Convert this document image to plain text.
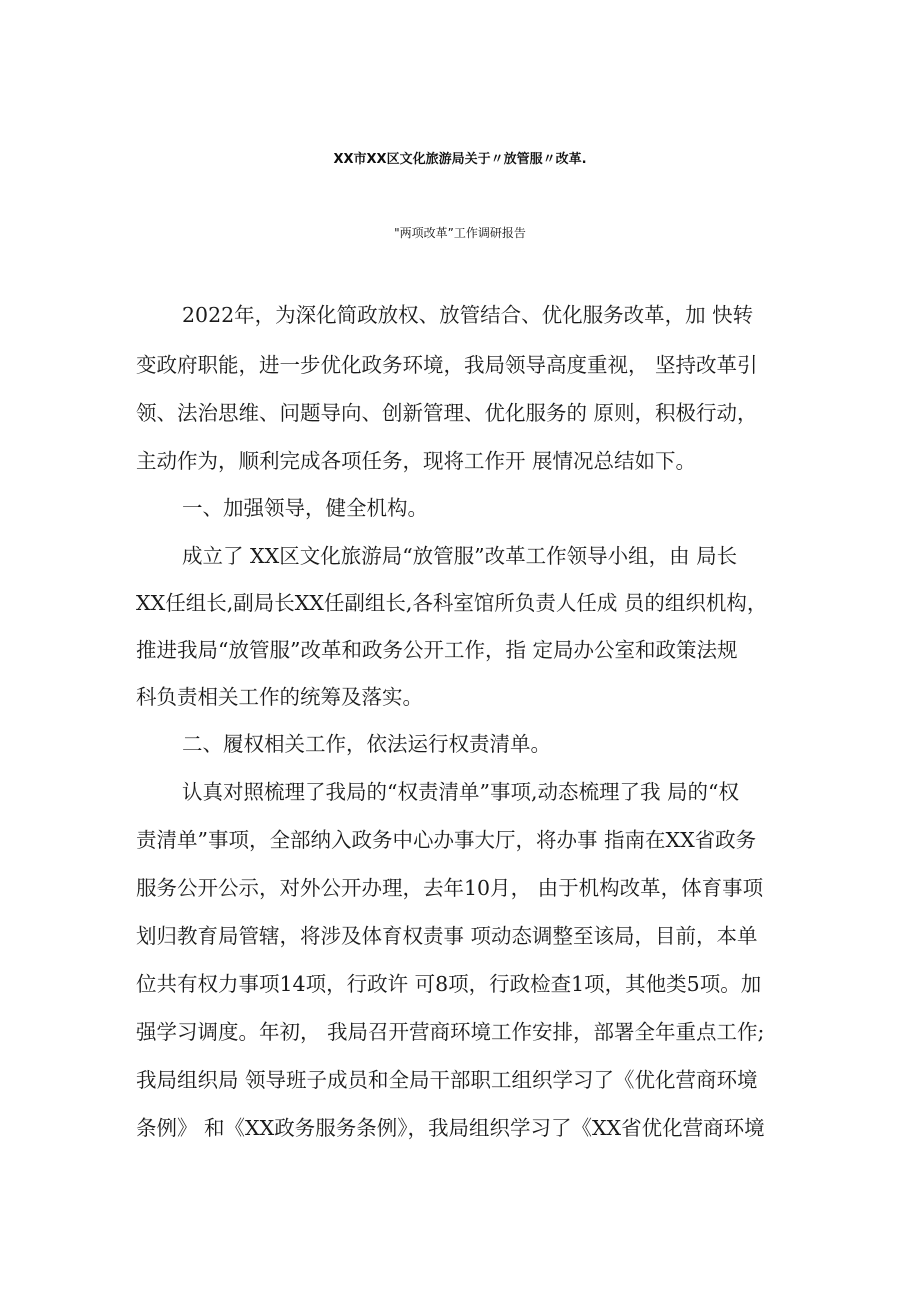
XX市XX区文化旅游局关于〃放管服〃改革.
"两项改革”工作调研报告
2022年，为深化简政放权、放管结合、优化服务改革，加 快转
变政府职能，进一步优化政务环境，我局领导高度重视， 坚持改革引
领、法治思维、问题导向、创新管理、优化服务的 原则，积极行动，
主动作为，顺利完成各项任务，现将工作开 展情况总结如下。
一、加强领导，健全机构。
成立了 XX区文化旅游局“放管服”改革工作领导小组，由 局长
XX任组长,副局长XX任副组长,各科室馆所负责人任成 员的组织机构，
推进我局“放管服”改革和政务公开工作，指 定局办公室和政策法规
科负责相关工作的统筹及落实。
二、履权相关工作，依法运行权责清单。
认真对照梳理了我局的“权责清单”事项,动态梳理了我 局的“权
责清单”事项，全部纳入政务中心办事大厅，将办事 指南在XX省政务
服务公开公示，对外公开办理，去年10月， 由于机构改革，体育事项
划归教育局管辖，将涉及体育权责事 项动态调整至该局，目前，本单
位共有权力事项14项，行政许 可8项，行政检查1项，其他类5项。加
强学习调度。年初， 我局召开营商环境工作安排，部署全年重点工作;
我局组织局 领导班子成员和全局干部职工组织学习了《优化营商环境
条例》 和《XX政务服务条例》，我局组织学习了《XX省优化营商环境
